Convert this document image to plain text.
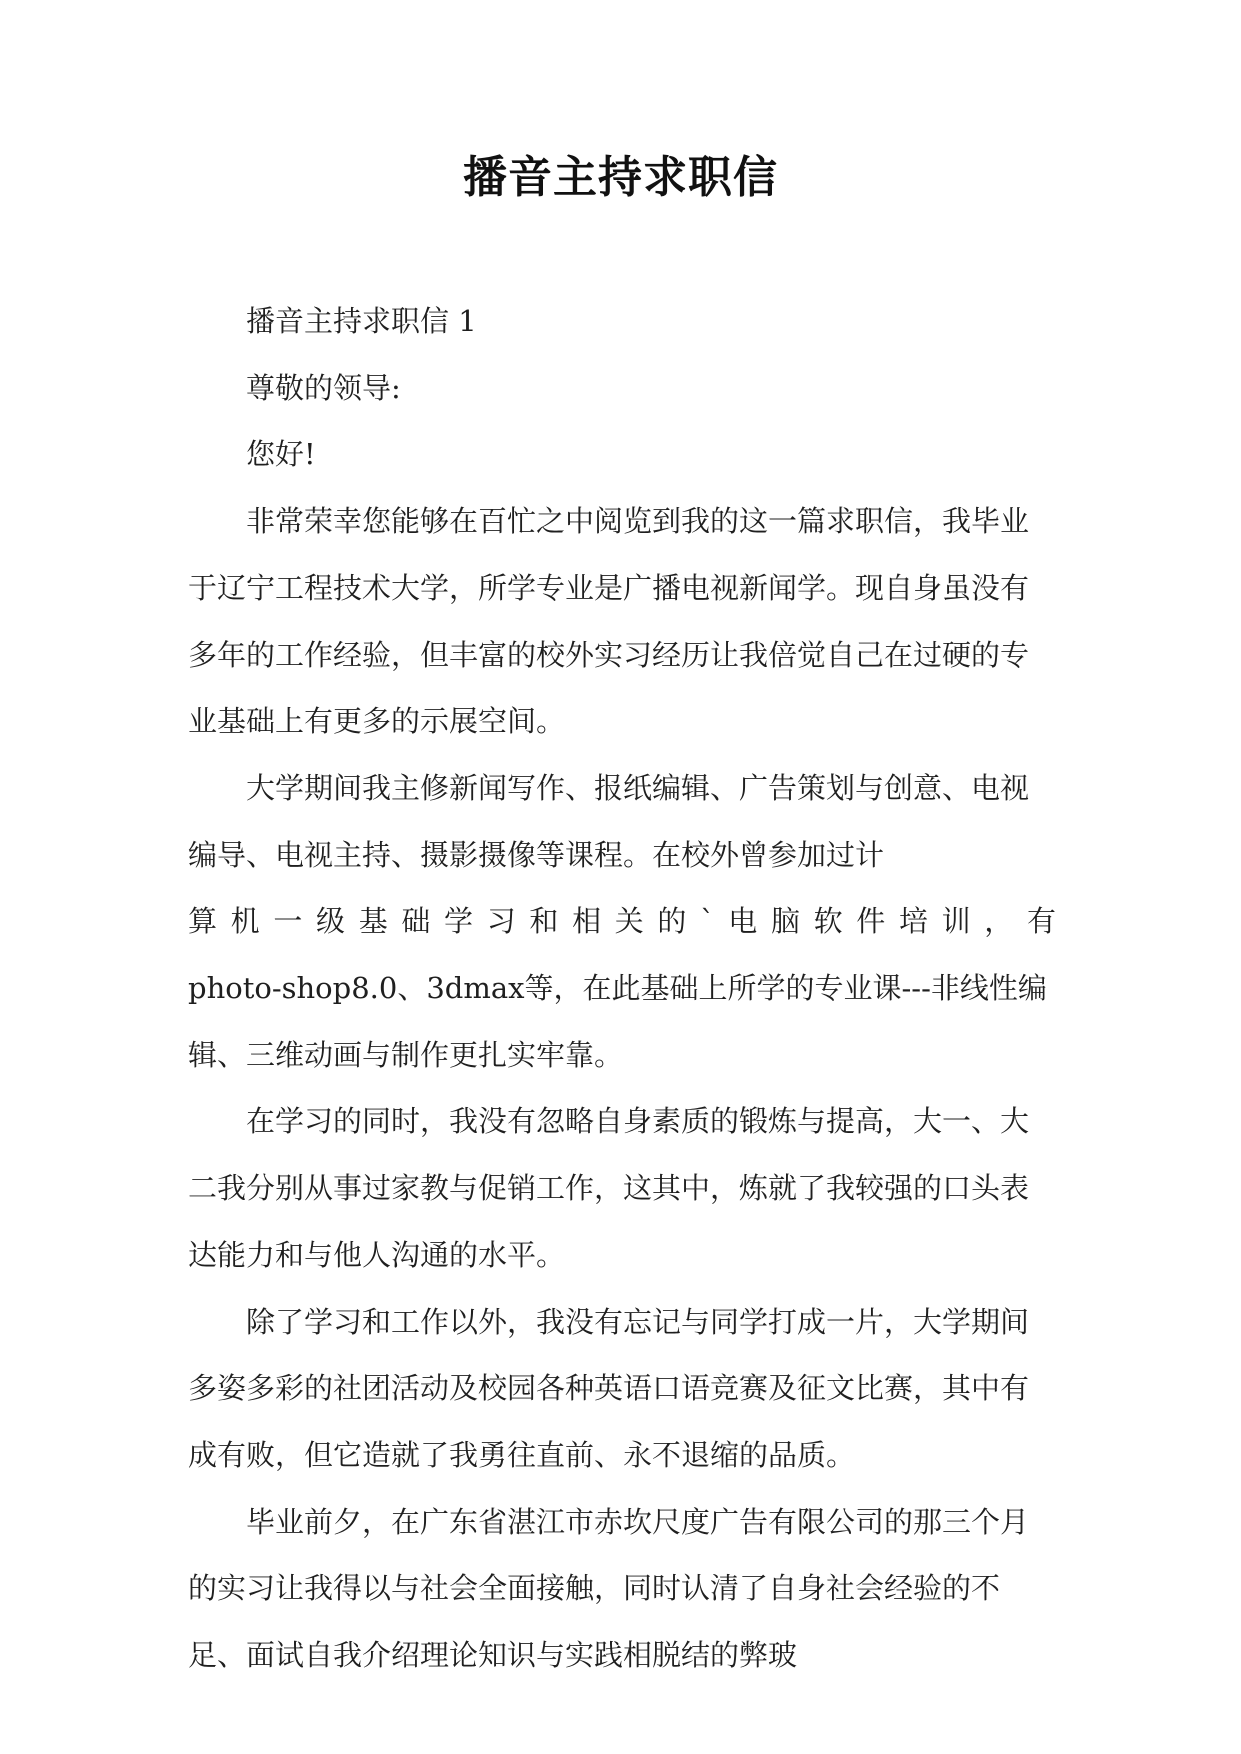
播音主持求职信

播音主持求职信 1

尊敬的领导:

您好!

非常荣幸您能够在百忙之中阅览到我的这一篇求职信，我毕业于辽宁工程技术大学，所学专业是广播电视新闻学。现自身虽没有多年的工作经验，但丰富的校外实习经历让我倍觉自己在过硬的专业基础上有更多的示展空间。

大学期间我主修新闻写作、报纸编辑、广告策划与创意、电视编导、电视主持、摄影摄像等课程。在校外曾参加过计

算机一级基础学习和相关的`电脑软件培训，有

photo-shop8.0、3dmax等，在此基础上所学的专业课---非线性编辑、三维动画与制作更扎实牢靠。

在学习的同时，我没有忽略自身素质的锻炼与提高，大一、大二我分别从事过家教与促销工作，这其中，炼就了我较强的口头表达能力和与他人沟通的水平。

除了学习和工作以外，我没有忘记与同学打成一片，大学期间多姿多彩的社团活动及校园各种英语口语竞赛及征文比赛，其中有成有败，但它造就了我勇往直前、永不退缩的品质。

毕业前夕，在广东省湛江市赤坎尺度广告有限公司的那三个月的实习让我得以与社会全面接触，同时认清了自身社会经验的不足、面试自我介绍理论知识与实践相脱结的弊玻
